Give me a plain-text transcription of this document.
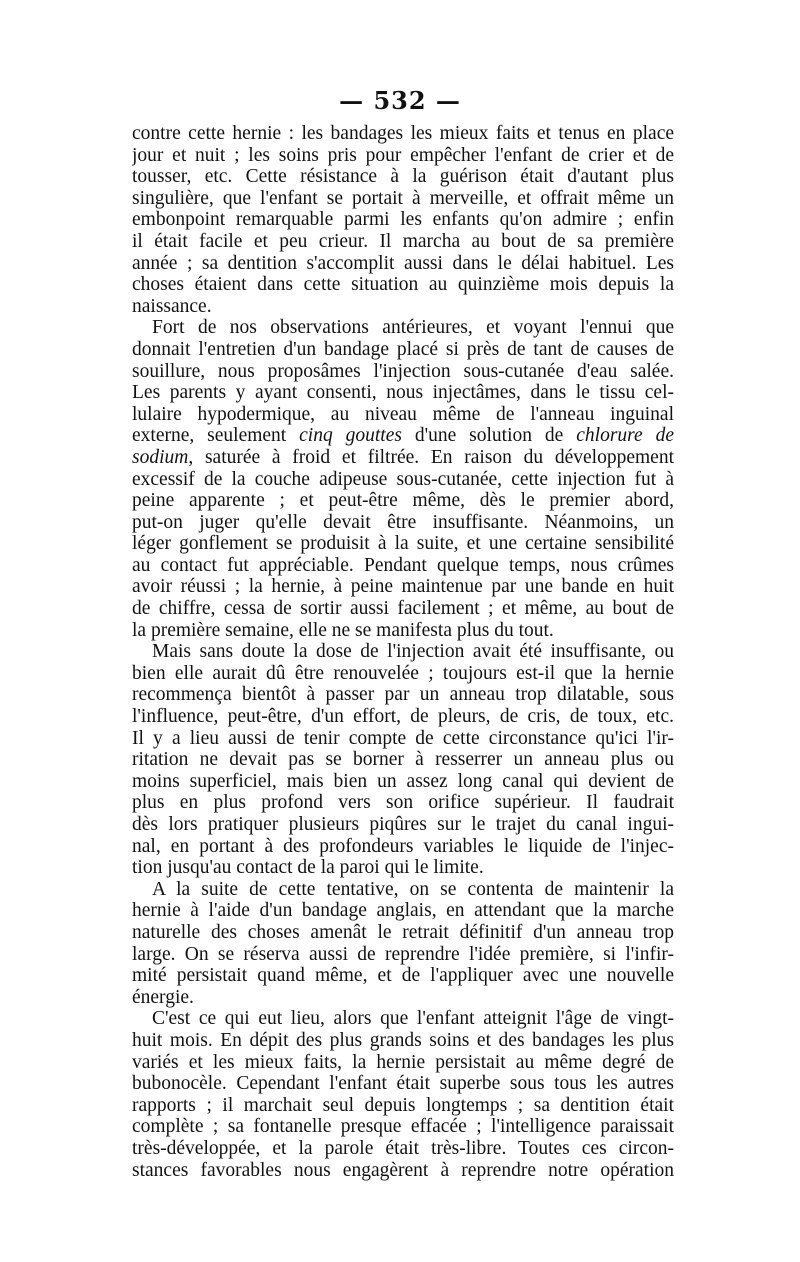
— 532 —
contre cette hernie : les bandages les mieux faits et tenus en place
jour et nuit ; les soins pris pour empêcher l'enfant de crier et de
tousser, etc. Cette résistance à la guérison était d'autant plus
singulière, que l'enfant se portait à merveille, et offrait même un
embonpoint remarquable parmi les enfants qu'on admire ; enfin
il était facile et peu crieur. Il marcha au bout de sa première
année ; sa dentition s'accomplit aussi dans le délai habituel. Les
choses étaient dans cette situation au quinzième mois depuis la
naissance.
Fort de nos observations antérieures, et voyant l'ennui que
donnait l'entretien d'un bandage placé si près de tant de causes de
souillure, nous proposâmes l'injection sous-cutanée d'eau salée.
Les parents y ayant consenti, nous injectâmes, dans le tissu cel-
lulaire hypodermique, au niveau même de l'anneau inguinal
externe, seulement cinq gouttes d'une solution de chlorure de
sodium, saturée à froid et filtrée. En raison du développement
excessif de la couche adipeuse sous-cutanée, cette injection fut à
peine apparente ; et peut-être même, dès le premier abord,
put-on juger qu'elle devait être insuffisante. Néanmoins, un
léger gonflement se produisit à la suite, et une certaine sensibilité
au contact fut appréciable. Pendant quelque temps, nous crûmes
avoir réussi ; la hernie, à peine maintenue par une bande en huit
de chiffre, cessa de sortir aussi facilement ; et même, au bout de
la première semaine, elle ne se manifesta plus du tout.
Mais sans doute la dose de l'injection avait été insuffisante, ou
bien elle aurait dû être renouvelée ; toujours est-il que la hernie
recommença bientôt à passer par un anneau trop dilatable, sous
l'influence, peut-être, d'un effort, de pleurs, de cris, de toux, etc.
Il y a lieu aussi de tenir compte de cette circonstance qu'ici l'ir-
ritation ne devait pas se borner à resserrer un anneau plus ou
moins superficiel, mais bien un assez long canal qui devient de
plus en plus profond vers son orifice supérieur. Il faudrait
dès lors pratiquer plusieurs piqûres sur le trajet du canal ingui-
nal, en portant à des profondeurs variables le liquide de l'injec-
tion jusqu'au contact de la paroi qui le limite.
A la suite de cette tentative, on se contenta de maintenir la
hernie à l'aide d'un bandage anglais, en attendant que la marche
naturelle des choses amenât le retrait définitif d'un anneau trop
large. On se réserva aussi de reprendre l'idée première, si l'infir-
mité persistait quand même, et de l'appliquer avec une nouvelle
énergie.
C'est ce qui eut lieu, alors que l'enfant atteignit l'âge de vingt-
huit mois. En dépit des plus grands soins et des bandages les plus
variés et les mieux faits, la hernie persistait au même degré de
bubonocèle. Cependant l'enfant était superbe sous tous les autres
rapports ; il marchait seul depuis longtemps ; sa dentition était
complète ; sa fontanelle presque effacée ; l'intelligence paraissait
très-développée, et la parole était très-libre. Toutes ces circon-
stances favorables nous engagèrent à reprendre notre opération
